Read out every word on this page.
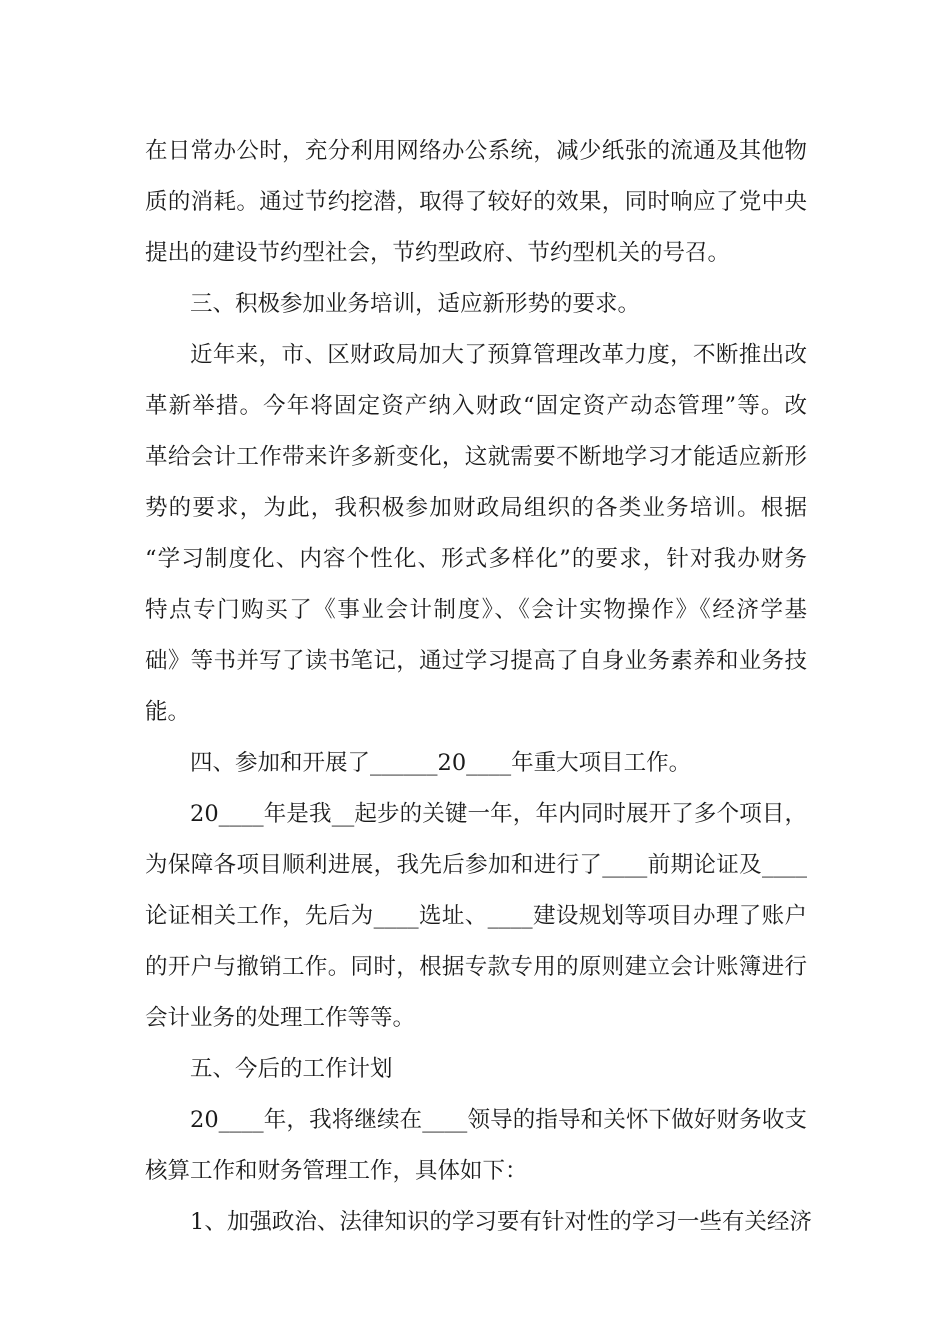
在日常办公时，充分利用网络办公系统，减少纸张的流通及其他物
质的消耗。通过节约挖潜，取得了较好的效果，同时响应了党中央
提出的建设节约型社会，节约型政府、节约型机关的号召。
三、积极参加业务培训，适应新形势的要求。
近年来，市、区财政局加大了预算管理改革力度，不断推出改
革新举措。今年将固定资产纳入财政“固定资产动态管理”等。改
革给会计工作带来许多新变化，这就需要不断地学习才能适应新形
势的要求，为此，我积极参加财政局组织的各类业务培训。根据
“学习制度化、内容个性化、形式多样化”的要求，针对我办财务
特点专门购买了《事业会计制度》、《会计实物操作》《经济学基
础》等书并写了读书笔记，通过学习提高了自身业务素养和业务技
能。
四、参加和开展了______20____年重大项目工作。
20____年是我__起步的关键一年，年内同时展开了多个项目，
为保障各项目顺利进展，我先后参加和进行了____前期论证及____
论证相关工作，先后为____选址、____建设规划等项目办理了账户
的开户与撤销工作。同时，根据专款专用的原则建立会计账簿进行
会计业务的处理工作等等。
五、今后的工作计划
20____年，我将继续在____领导的指导和关怀下做好财务收支
核算工作和财务管理工作，具体如下：
1、加强政治、法律知识的学习要有针对性的学习一些有关经济
